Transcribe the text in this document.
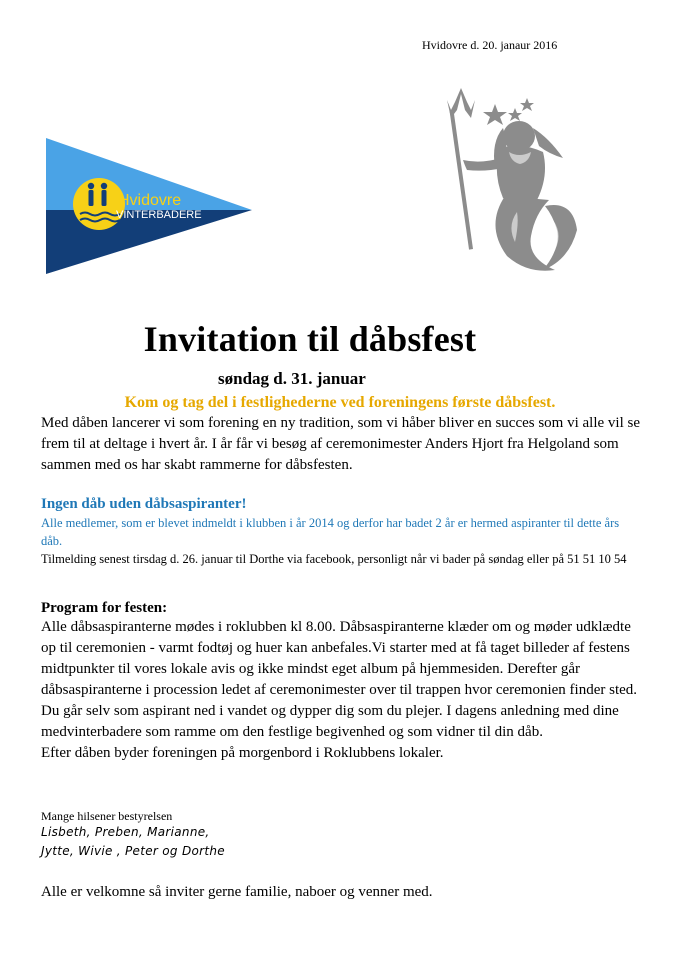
Hvidovre d. 20. janaur 2016
Hvidovre
VINTERBADERE
Invitation til dåbsfest
søndag d. 31. januar
Kom og tag del i festlighederne ved foreningens første dåbsfest.
Med dåben lancerer vi som forening en ny tradition, som vi håber bliver en succes som vi alle vil se frem til at deltage i hvert år. I år får vi besøg af ceremonimester Anders Hjort fra Helgoland som sammen med os har skabt rammerne for dåbsfesten.
Ingen dåb uden dåbsaspiranter!
Alle medlemer, som er blevet indmeldt i klubben i år 2014 og derfor har badet 2 år er hermed aspiranter til dette års dåb.
Tilmelding senest tirsdag d. 26. januar til Dorthe via facebook, personligt når vi bader på søndag eller på 51 51 10 54
Program for festen:
Alle dåbsaspiranterne mødes i roklubben kl 8.00. Dåbsaspiranterne klæder om og møder udklædte op til ceremonien - varmt fodtøj og huer kan anbefales.Vi starter med at få taget billeder af festens midtpunkter til vores lokale avis og ikke mindst eget album på hjemmesiden. Derefter går dåbsaspiranterne i procession ledet af ceremonimester over til trappen hvor ceremonien finder sted. Du går selv som aspirant ned i vandet og dypper dig som du plejer. I dagens anledning med dine medvinterbadere som ramme om den festlige begivenhed og som vidner til din dåb.
Efter dåben byder foreningen på morgenbord i Roklubbens lokaler.
Mange hilsener bestyrelsen
Lisbeth, Preben, Marianne,
Jytte, Wivie , Peter og Dorthe
Alle er velkomne så inviter gerne familie, naboer og venner med.
